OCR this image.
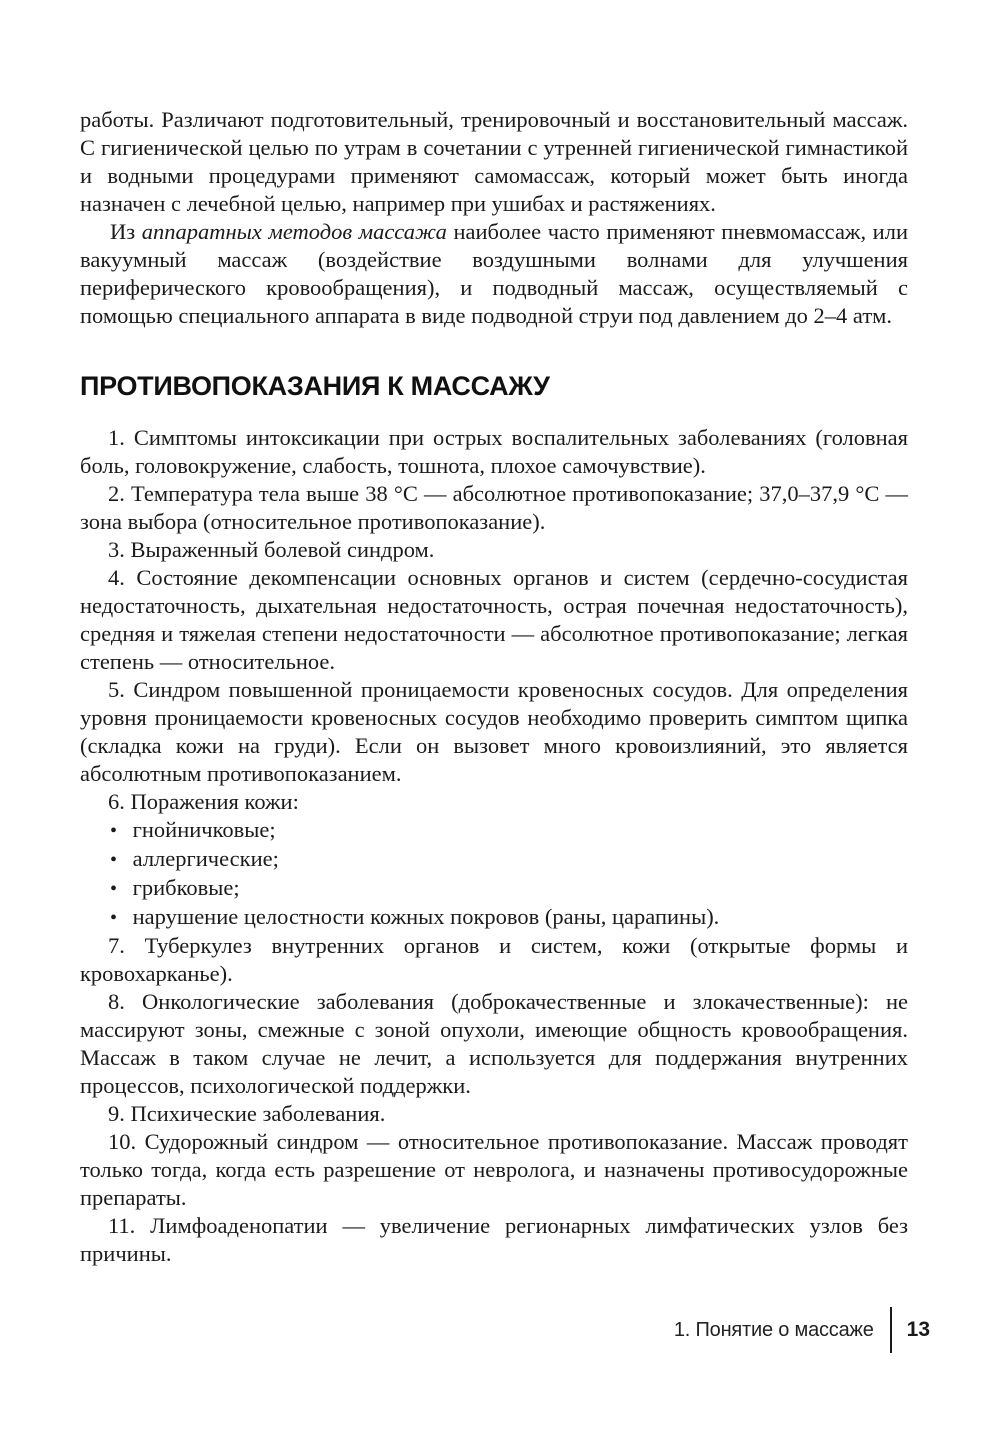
работы. Различают подготовительный, тренировочный и восстановительный массаж. С гигиенической целью по утрам в сочетании с утренней гигиенической гимнастикой и водными процедурами применяют самомассаж, который может быть иногда назначен с лечебной целью, например при ушибах и растяжениях.

Из аппаратных методов массажа наиболее часто применяют пневмомассаж, или вакуумный массаж (воздействие воздушными волнами для улучшения периферического кровообращения), и подводный массаж, осуществляемый с помощью специального аппарата в виде подводной струи под давлением до 2–4 атм.

ПРОТИВОПОКАЗАНИЯ К МАССАЖУ

1. Симптомы интоксикации при острых воспалительных заболеваниях (головная боль, головокружение, слабость, тошнота, плохое самочувствие).

2. Температура тела выше 38 °C — абсолютное противопоказание; 37,0–37,9 °C — зона выбора (относительное противопоказание).

3. Выраженный болевой синдром.

4. Состояние декомпенсации основных органов и систем (сердечно-сосудистая недостаточность, дыхательная недостаточность, острая почечная недостаточность), средняя и тяжелая степени недостаточности — абсолютное противопоказание; легкая степень — относительное.

5. Синдром повышенной проницаемости кровеносных сосудов. Для определения уровня проницаемости кровеносных сосудов необходимо проверить симптом щипка (складка кожи на груди). Если он вызовет много кровоизлияний, это является абсолютным противопоказанием.

6. Поражения кожи:

• гнойничковые;

• аллергические;

• грибковые;

• нарушение целостности кожных покровов (раны, царапины).

7. Туберкулез внутренних органов и систем, кожи (открытые формы и кровохарканье).

8. Онкологические заболевания (доброкачественные и злокачественные): не массируют зоны, смежные с зоной опухоли, имеющие общность кровообращения. Массаж в таком случае не лечит, а используется для поддержания внутренних процессов, психологической поддержки.

9. Психические заболевания.

10. Судорожный синдром — относительное противопоказание. Массаж проводят только тогда, когда есть разрешение от невролога, и назначены противосудорожные препараты.

11. Лимфоаденопатии — увеличение регионарных лимфатических узлов без причины.

1. Понятие о массаже 13
